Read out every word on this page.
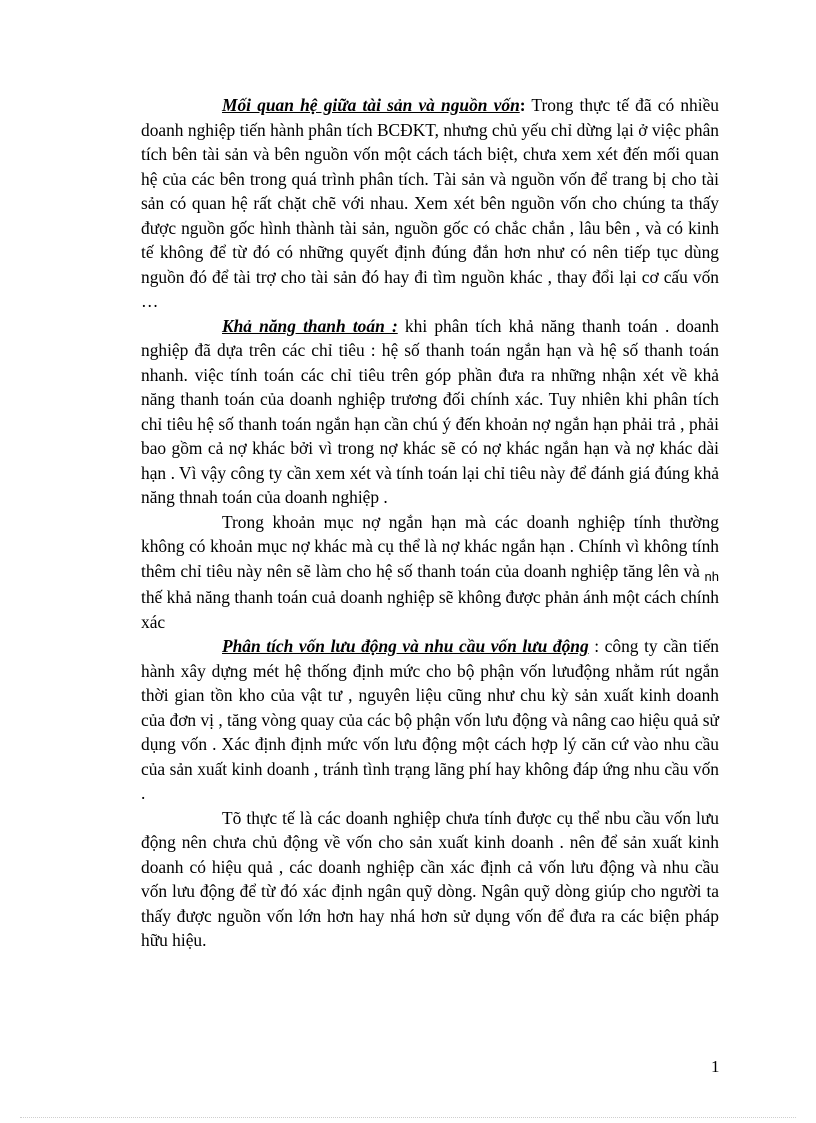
Mối quan hệ giữa tài sản và nguồn vốn: Trong thực tế đã có nhiều doanh nghiệp tiến hành phân tích BCĐKT, nhưng chủ yếu chỉ dừng lại ở việc phân tích bên tài sản và bên nguồn vốn một cách tách biệt, chưa xem xét đến mối quan hệ của các bên trong quá trình phân tích. Tài sản và nguồn vốn để trang bị cho tài sản có quan hệ rất chặt chẽ với nhau. Xem xét bên nguồn vốn cho chúng ta thấy được nguồn gốc hình thành tài sản, nguồn gốc có chắc chắn , lâu bên , và có kinh tế không để từ đó có những quyết định đúng đắn hơn như có nên tiếp tục dùng nguồn đó để tài trợ cho tài sản đó hay đi tìm nguồn khác , thay đổi lại cơ cấu vốn …

Khả năng thanh toán : khi phân tích khả năng thanh toán . doanh nghiệp đã dựa trên các chỉ tiêu : hệ số thanh toán ngắn hạn và hệ số thanh toán nhanh. việc tính toán các chỉ tiêu trên góp phần đưa ra những nhận xét về khả năng thanh toán của doanh nghiệp trương đối chính xác. Tuy nhiên khi phân tích chỉ tiêu hệ số thanh toán ngắn hạn cần chú ý đến khoản nợ ngắn hạn phải trả , phải bao gồm cả nợ khác bởi vì trong nợ khác sẽ có nợ khác ngắn hạn và nợ khác dài hạn . Vì vậy công ty cần xem xét và tính toán lại chỉ tiêu này để đánh giá đúng khả năng thnah toán của doanh nghiệp .

Trong khoản mục nợ ngắn hạn mà các doanh nghiệp tính thường không có khoản mục nợ khác mà cụ thể là nợ khác ngắn hạn . Chính vì không tính thêm chỉ tiêu này nên sẽ làm cho hệ số thanh toán của doanh nghiệp tăng lên và $_{nh}$ thế khả năng thanh toán cuả doanh nghiệp sẽ không được phản ánh một cách chính xác

Phân tích vốn lưu động và nhu cầu vốn lưu động : công ty cần tiến hành xây dựng mét hệ thống định mức cho bộ phận vốn lưuđộng nhằm rút ngắn thời gian tồn kho của vật tư , nguyên liệu cũng như chu kỳ sản xuất kinh doanh của đơn vị , tăng vòng quay của các bộ phận vốn lưu động và nâng cao hiệu quả sử dụng vốn . Xác định định mức vốn lưu động một cách hợp lý căn cứ vào nhu cầu của sản xuất kinh doanh , tránh tình trạng lãng phí hay không đáp ứng nhu cầu vốn .

Tõ thực tế là các doanh nghiệp chưa tính được cụ thể nbu cầu vốn lưu động nên chưa chủ động về vốn cho sản xuất kinh doanh . nên để sản xuất kinh doanh có hiệu quả , các doanh nghiệp cần xác định cả vốn lưu động và nhu cầu vốn lưu động để từ đó xác định ngân quỹ dòng. Ngân quỹ dòng giúp cho người ta thấy được nguồn vốn lớn hơn hay nhá hơn sử dụng vốn để đưa ra các biện pháp hữu hiệu.

1
